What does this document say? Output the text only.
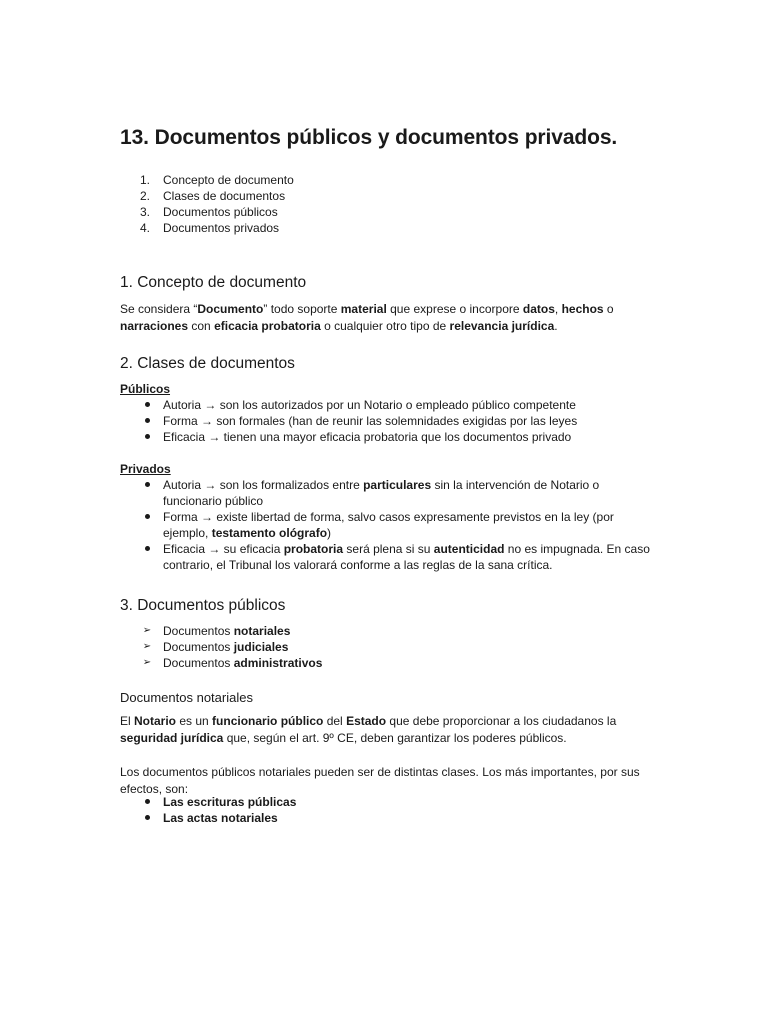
13. Documentos públicos y documentos privados.
1. Concepto de documento
2. Clases de documentos
3. Documentos públicos
4. Documentos privados
1. Concepto de documento
Se considera “Documento” todo soporte material que exprese o incorpore datos, hechos o narraciones con eficacia probatoria o cualquier otro tipo de relevancia jurídica.
2. Clases de documentos
Públicos
Autoria → son los autorizados por un Notario o empleado público competente
Forma → son formales (han de reunir las solemnidades exigidas por las leyes
Eficacia → tienen una mayor eficacia probatoria que los documentos privado
Privados
Autoria → son los formalizados entre particulares sin la intervención de Notario o funcionario público
Forma → existe libertad de forma, salvo casos expresamente previstos en la ley (por ejemplo, testamento ológrafo)
Eficacia → su eficacia probatoria será plena si su autenticidad no es impugnada. En caso contrario, el Tribunal los valorará conforme a las reglas de la sana crítica.
3. Documentos públicos
➢ Documentos notariales
➢ Documentos judiciales
➢ Documentos administrativos
Documentos notariales
El Notario es un funcionario público del Estado que debe proporcionar a los ciudadanos la seguridad jurídica que, según el art. 9º CE, deben garantizar los poderes públicos.
Los documentos públicos notariales pueden ser de distintas clases. Los más importantes, por sus efectos, son:
Las escrituras públicas
Las actas notariales
